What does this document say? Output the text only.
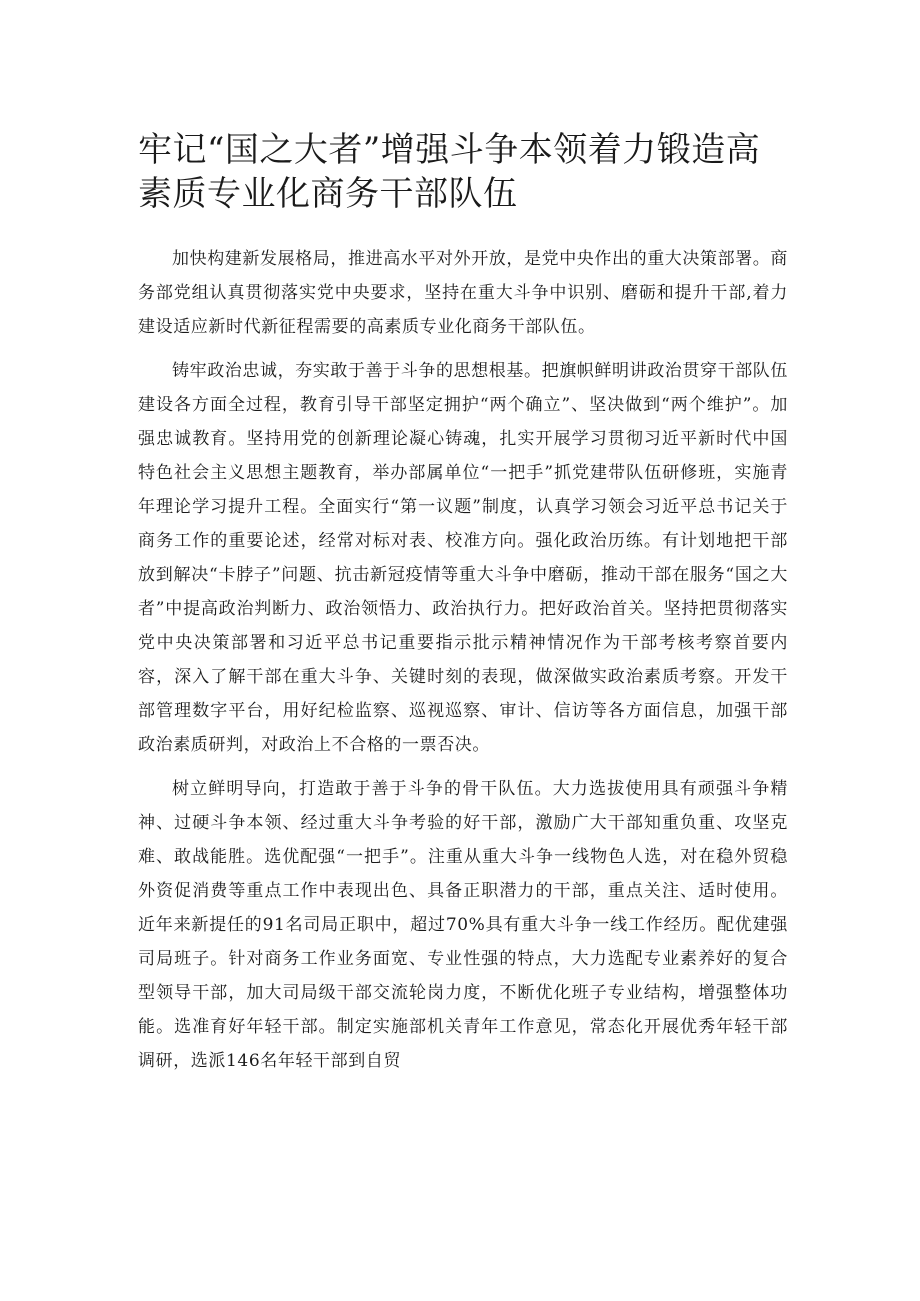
牢记“国之大者”增强斗争本领着力锻造高素质专业化商务干部队伍

加快构建新发展格局，推进高水平对外开放，是党中央作出的重大决策部署。商务部党组认真贯彻落实党中央要求，坚持在重大斗争中识别、磨砺和提升干部,着力建设适应新时代新征程需要的高素质专业化商务干部队伍。

铸牢政治忠诚，夯实敢于善于斗争的思想根基。把旗帜鲜明讲政治贯穿干部队伍建设各方面全过程，教育引导干部坚定拥护“两个确立”、坚决做到“两个维护”。加强忠诚教育。坚持用党的创新理论凝心铸魂，扎实开展学习贯彻习近平新时代中国特色社会主义思想主题教育，举办部属单位“一把手”抓党建带队伍研修班，实施青年理论学习提升工程。全面实行“第一议题”制度，认真学习领会习近平总书记关于商务工作的重要论述，经常对标对表、校准方向。强化政治历练。有计划地把干部放到解决“卡脖子”问题、抗击新冠疫情等重大斗争中磨砺，推动干部在服务“国之大者”中提高政治判断力、政治领悟力、政治执行力。把好政治首关。坚持把贯彻落实党中央决策部署和习近平总书记重要指示批示精神情况作为干部考核考察首要内容，深入了解干部在重大斗争、关键时刻的表现，做深做实政治素质考察。开发干部管理数字平台，用好纪检监察、巡视巡察、审计、信访等各方面信息，加强干部政治素质研判，对政治上不合格的一票否决。

树立鲜明导向，打造敢于善于斗争的骨干队伍。大力选拔使用具有顽强斗争精神、过硬斗争本领、经过重大斗争考验的好干部，激励广大干部知重负重、攻坚克难、敢战能胜。选优配强“一把手”。注重从重大斗争一线物色人选，对在稳外贸稳外资促消费等重点工作中表现出色、具备正职潜力的干部，重点关注、适时使用。近年来新提任的91名司局正职中，超过70%具有重大斗争一线工作经历。配优建强司局班子。针对商务工作业务面宽、专业性强的特点，大力选配专业素养好的复合型领导干部，加大司局级干部交流轮岗力度，不断优化班子专业结构，增强整体功能。选准育好年轻干部。制定实施部机关青年工作意见，常态化开展优秀年轻干部调研，选派146名年轻干部到自贸
